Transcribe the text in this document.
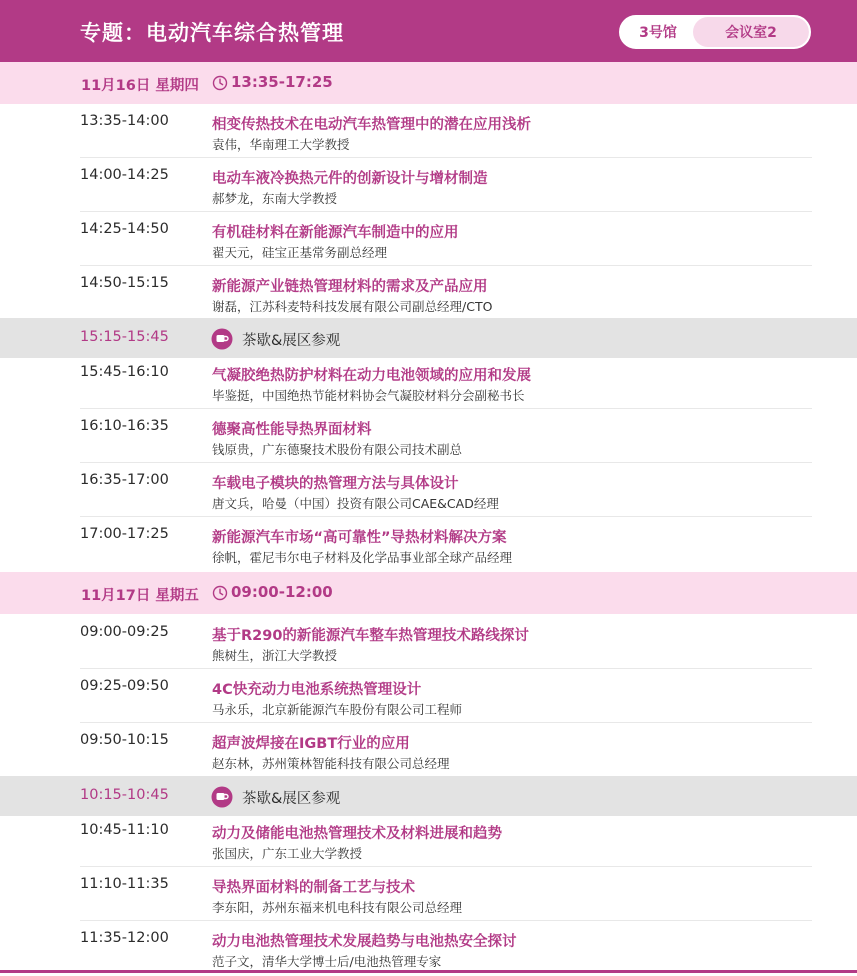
专题：电动汽车综合热管理	3号馆	会议室2
11月16日 星期四 13:35-17:25
13:35-14:00	相变传热技术在电动汽车热管理中的潜在应用浅析
袁伟，华南理工大学教授
14:00-14:25	电动车液冷换热元件的创新设计与增材制造
郝梦龙，东南大学教授
14:25-14:50	有机硅材料在新能源汽车制造中的应用
翟天元，硅宝正基常务副总经理
14:50-15:15	新能源产业链热管理材料的需求及产品应用
谢磊，江苏科麦特科技发展有限公司副总经理/CTO
15:15-15:45	茶歇&展区参观
15:45-16:10	气凝胶绝热防护材料在动力电池领域的应用和发展
毕鉴挺，中国绝热节能材料协会气凝胶材料分会副秘书长
16:10-16:35	德聚高性能导热界面材料
钱原贵，广东德聚技术股份有限公司技术副总
16:35-17:00	车载电子模块的热管理方法与具体设计
唐文兵，哈曼（中国）投资有限公司CAE&CAD经理
17:00-17:25	新能源汽车市场“高可靠性”导热材料解决方案
徐帆，霍尼韦尔电子材料及化学品事业部全球产品经理
11月17日 星期五 09:00-12:00
09:00-09:25	基于R290的新能源汽车整车热管理技术路线探讨
熊树生，浙江大学教授
09:25-09:50	4C快充动力电池系统热管理设计
马永乐，北京新能源汽车股份有限公司工程师
09:50-10:15	超声波焊接在IGBT行业的应用
赵东林，苏州策林智能科技有限公司总经理
10:15-10:45	茶歇&展区参观
10:45-11:10	动力及储能电池热管理技术及材料进展和趋势
张国庆，广东工业大学教授
11:10-11:35	导热界面材料的制备工艺与技术
李东阳，苏州东福来机电科技有限公司总经理
11:35-12:00	动力电池热管理技术发展趋势与电池热安全探讨
范子文，清华大学博士后/电池热管理专家
